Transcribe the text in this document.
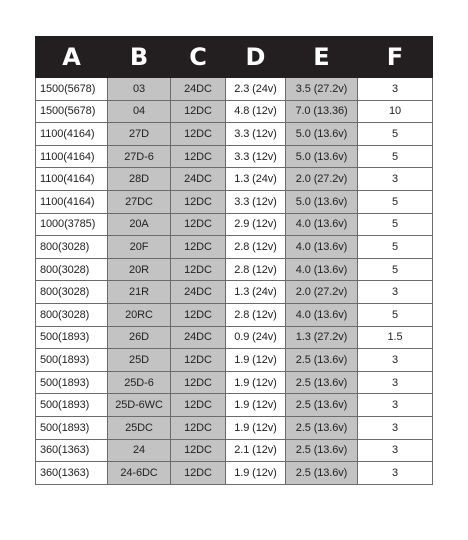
A	B	C	D	E	F
1500(5678)	03	24DC	2.3 (24v)	3.5 (27.2v)	3
1500(5678)	04	12DC	4.8 (12v)	7.0 (13.36)	10
1100(4164)	27D	12DC	3.3 (12v)	5.0 (13.6v)	5
1100(4164)	27D-6	12DC	3.3 (12v)	5.0 (13.6v)	5
1100(4164)	28D	24DC	1.3 (24v)	2.0 (27.2v)	3
1100(4164)	27DC	12DC	3.3 (12v)	5.0 (13.6v)	5
1000(3785)	20A	12DC	2.9 (12v)	4.0 (13.6v)	5
800(3028)	20F	12DC	2.8 (12v)	4.0 (13.6v)	5
800(3028)	20R	12DC	2.8 (12v)	4.0 (13.6v)	5
800(3028)	21R	24DC	1.3 (24v)	2.0 (27.2v)	3
800(3028)	20RC	12DC	2.8 (12v)	4.0 (13.6v)	5
500(1893)	26D	24DC	0.9 (24v)	1.3 (27.2v)	1.5
500(1893)	25D	12DC	1.9 (12v)	2.5 (13.6v)	3
500(1893)	25D-6	12DC	1.9 (12v)	2.5 (13.6v)	3
500(1893)	25D-6WC	12DC	1.9 (12v)	2.5 (13.6v)	3
500(1893)	25DC	12DC	1.9 (12v)	2.5 (13.6v)	3
360(1363)	24	12DC	2.1 (12v)	2.5 (13.6v)	3
360(1363)	24-6DC	12DC	1.9 (12v)	2.5 (13.6v)	3
